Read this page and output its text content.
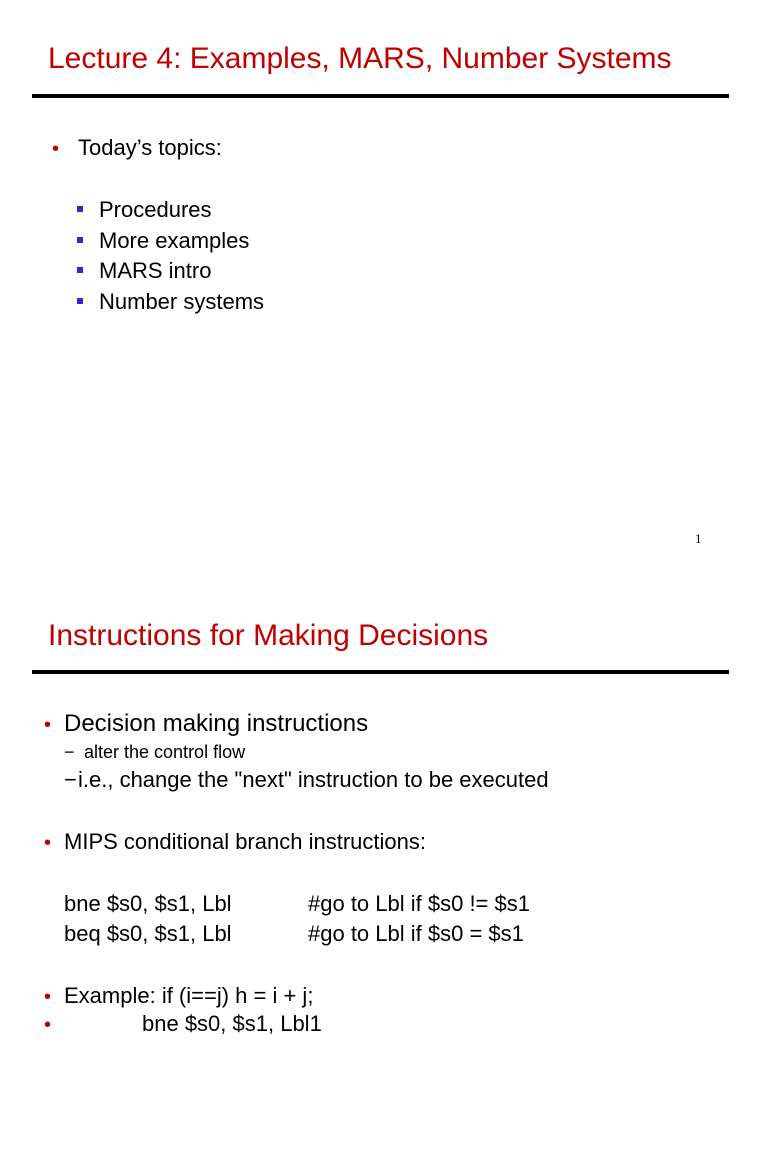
Lecture 4: Examples, MARS, Number Systems
• Today’s topics:
Procedures
More examples
MARS intro
Number systems
1
Instructions for Making Decisions
• Decision making instructions
− alter the control flow
− i.e., change the "next" instruction to be executed
• MIPS conditional branch instructions:
bne $s0, $s1, Lbl	#go to Lbl if $s0 != $s1
beq $s0, $s1, Lbl	#go to Lbl if $s0 = $s1
• Example: if (i==j) h = i + j;
•	bne $s0, $s1, Lbl1
